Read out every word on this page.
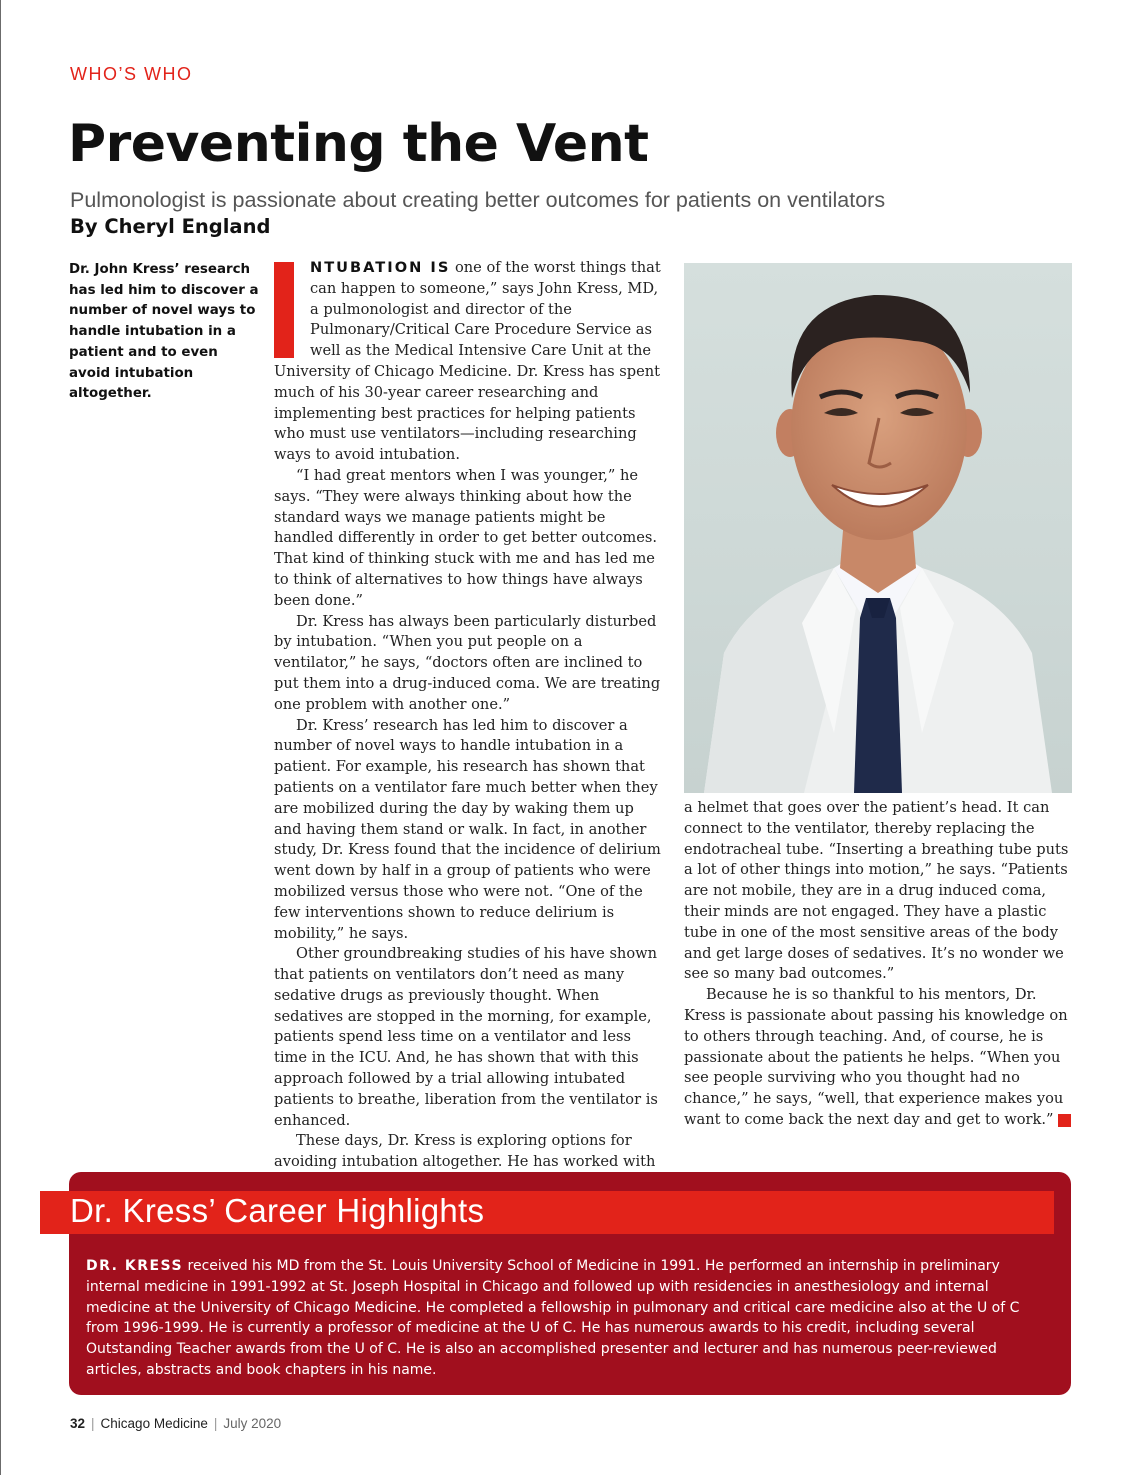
WHO’S WHO
Preventing the Vent

Pulmonologist is passionate about creating better outcomes for patients on ventilators

By Cheryl England
Dr. John Kress’ research has led him to discover a number of novel ways to handle intubation in a patient and to even avoid intubation altogether.

NTUBATION IS one of the worst things that can happen to someone,” says John Kress, MD, a pulmonologist and director of the Pulmonary/Critical Care Procedure Service as well as the Medical Intensive Care Unit at the University of Chicago Medicine. Dr. Kress has spent much of his 30-year career researching and implementing best practices for helping patients who must use ventilators—including researching ways to avoid intubation.

“I had great mentors when I was younger,” he says. “They were always thinking about how the standard ways we manage patients might be handled differently in order to get better outcomes. That kind of thinking stuck with me and has led me to think of alternatives to how things have always been done.”

Dr. Kress has always been particularly disturbed by intubation. “When you put people on a ventilator,” he says, “doctors often are inclined to put them into a drug-induced coma. We are treating one problem with another one.”

Dr. Kress’ research has led him to discover a number of novel ways to handle intubation in a patient. For example, his research has shown that patients on a ventilator fare much better when they are mobilized during the day by waking them up and having them stand or walk. In fact, in another study, Dr. Kress found that the incidence of delirium went down by half in a group of patients who were mobilized versus those who were not. “One of the few interventions shown to reduce delirium is mobility,” he says.

Other groundbreaking studies of his have shown that patients on ventilators don’t need as many sedative drugs as previously thought. When sedatives are stopped in the morning, for example, patients spend less time on a ventilator and less time in the ICU. And, he has shown that with this approach followed by a trial allowing intubated patients to breathe, liberation from the ventilator is enhanced.

These days, Dr. Kress is exploring options for avoiding intubation altogether. He has worked with

a helmet that goes over the patient’s head. It can connect to the ventilator, thereby replacing the endotracheal tube. “Inserting a breathing tube puts a lot of other things into motion,” he says. “Patients are not mobile, they are in a drug induced coma, their minds are not engaged. They have a plastic tube in one of the most sensitive areas of the body and get large doses of sedatives. It’s no wonder we see so many bad outcomes.”

Because he is so thankful to his mentors, Dr. Kress is passionate about passing his knowledge on to others through teaching. And, of course, he is passionate about the patients he helps. “When you see people surviving who you thought had no chance,” he says, “well, that experience makes you want to come back the next day and get to work.”	C

Dr. Kress’ Career Highlights
DR. KRESS received his MD from the St. Louis University School of Medicine in 1991. He performed an internship in preliminary internal medicine in 1991-1992 at St. Joseph Hospital in Chicago and followed up with residencies in anesthesiology and internal medicine at the University of Chicago Medicine. He completed a fellowship in pulmonary and critical care medicine also at the U of C from 1996-1999. He is currently a professor of medicine at the U of C. He has numerous awards to his credit, including several Outstanding Teacher awards from the U of C. He is also an accomplished presenter and lecturer and has numerous peer-reviewed articles, abstracts and book chapters in his name.
32 | Chicago Medicine | July 2020
